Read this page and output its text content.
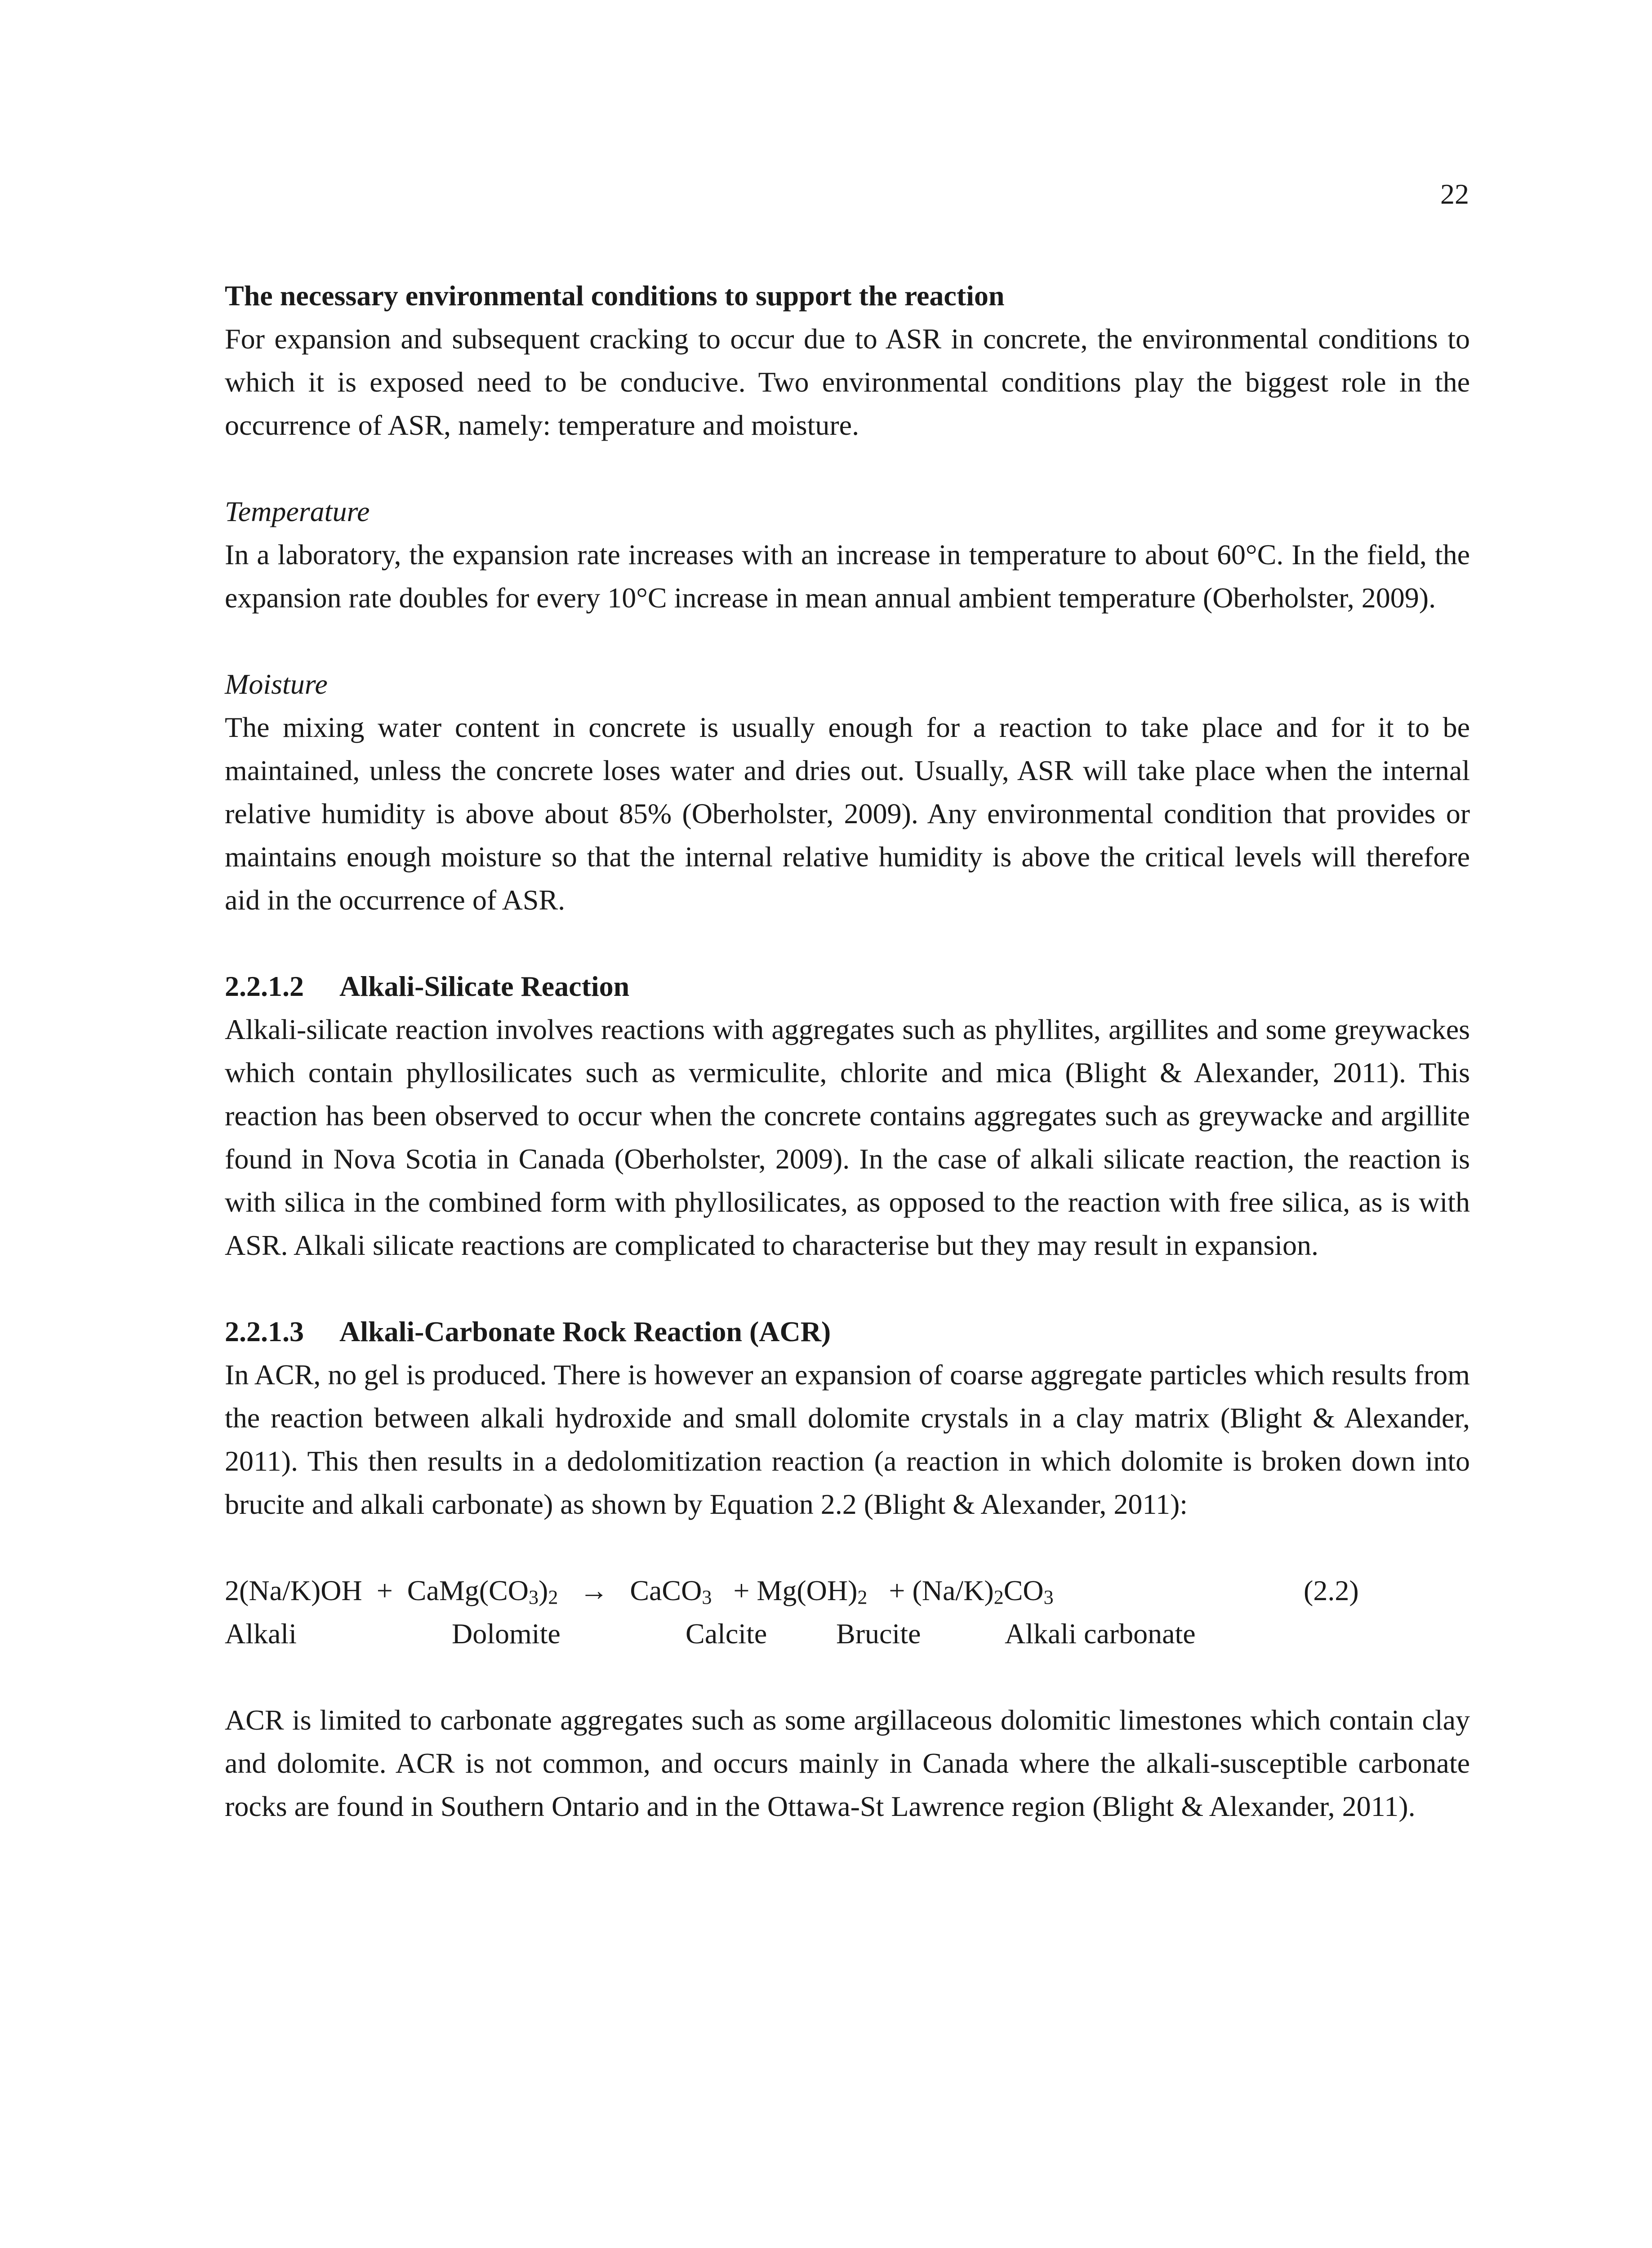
22
The necessary environmental conditions to support the reaction

For expansion and subsequent cracking to occur due to ASR in concrete, the environmental conditions to which it is exposed need to be conducive. Two environmental conditions play the biggest role in the occurrence of ASR, namely: temperature and moisture.

Temperature

In a laboratory, the expansion rate increases with an increase in temperature to about 60°C. In the field, the expansion rate doubles for every 10°C increase in mean annual ambient temperature (Oberholster, 2009).

Moisture

The mixing water content in concrete is usually enough for a reaction to take place and for it to be maintained, unless the concrete loses water and dries out. Usually, ASR will take place when the internal relative humidity is above about 85% (Oberholster, 2009). Any environmental condition that provides or maintains enough moisture so that the internal relative humidity is above the critical levels will therefore aid in the occurrence of ASR.

2.2.1.2 Alkali-Silicate Reaction

Alkali-silicate reaction involves reactions with aggregates such as phyllites, argillites and some greywackes which contain phyllosilicates such as vermiculite, chlorite and mica (Blight & Alexander, 2011). This reaction has been observed to occur when the concrete contains aggregates such as greywacke and argillite found in Nova Scotia in Canada (Oberholster, 2009). In the case of alkali silicate reaction, the reaction is with silica in the combined form with phyllosilicates, as opposed to the reaction with free silica, as is with ASR. Alkali silicate reactions are complicated to characterise but they may result in expansion.

2.2.1.3 Alkali-Carbonate Rock Reaction (ACR)

In ACR, no gel is produced. There is however an expansion of coarse aggregate particles which results from the reaction between alkali hydroxide and small dolomite crystals in a clay matrix (Blight & Alexander, 2011). This then results in a dedolomitization reaction (a reaction in which dolomite is broken down into brucite and alkali carbonate) as shown by Equation 2.2 (Blight & Alexander, 2011):

$2(Na/K)OH + CaMg(CO_3)_2$ → CaCO$_3$ + $Mg(OH)_2 + (Na/K)_2CO_3$	(2.2)
Alkali	Dolomite	Calcite Brucite	Alkali carbonate

ACR is limited to carbonate aggregates such as some argillaceous dolomitic limestones which contain clay and dolomite. ACR is not common, and occurs mainly in Canada where the alkali-susceptible carbonate rocks are found in Southern Ontario and in the Ottawa-St Lawrence region (Blight & Alexander, 2011).
